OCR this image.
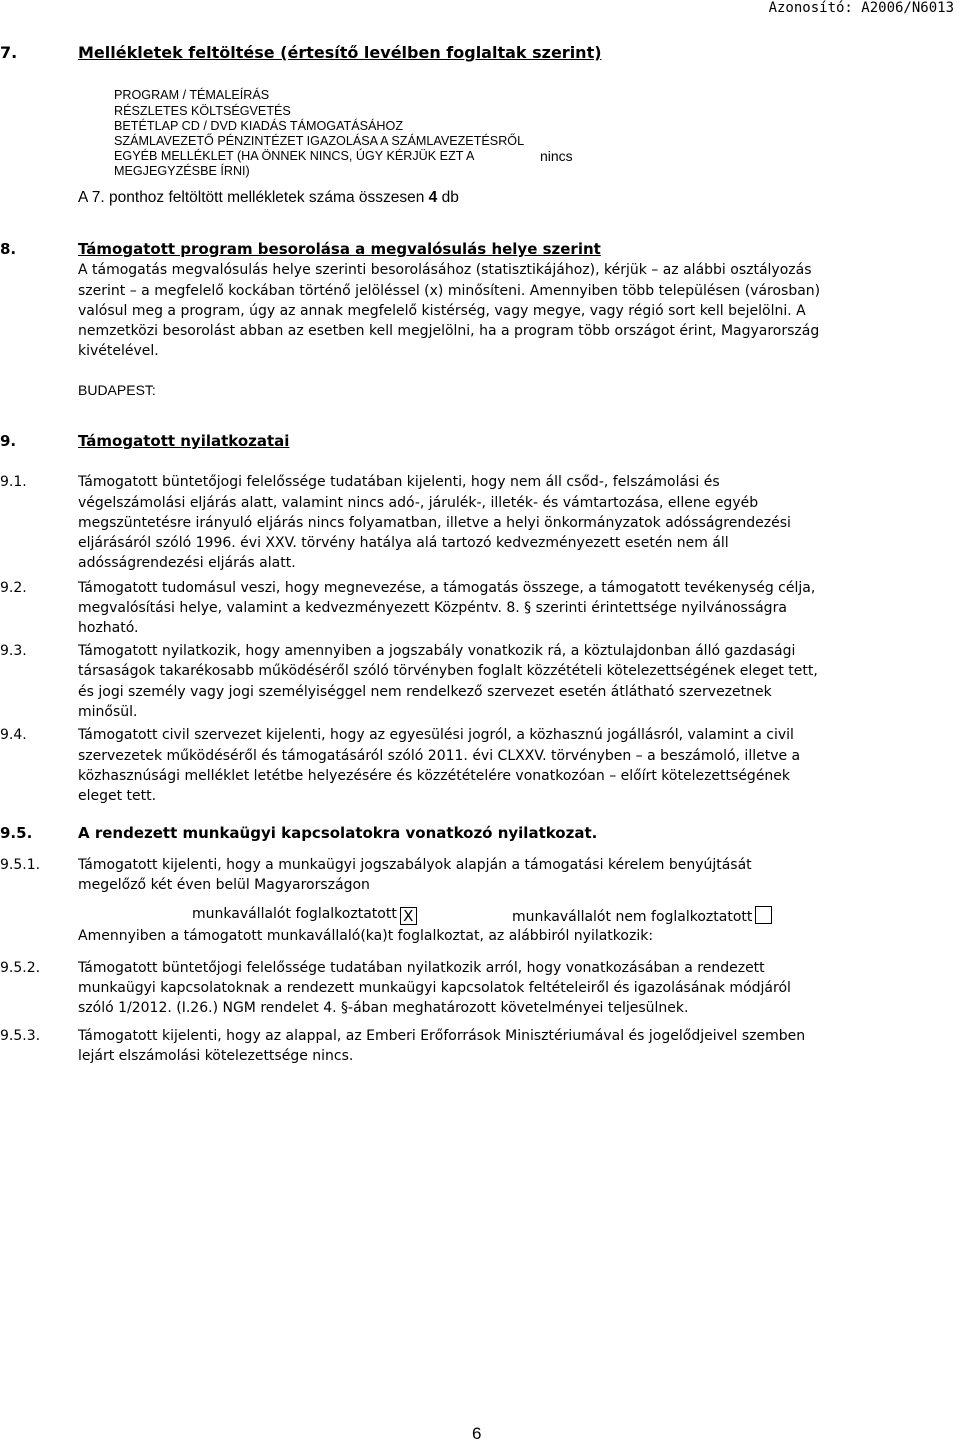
Azonosító: A2006/N6013
7.	Mellékletek feltöltése (értesítő levélben foglaltak szerint)
PROGRAM / TÉMALEÍRÁS
RÉSZLETES KÖLTSÉGVETÉS
BETÉTLAP CD / DVD KIADÁS TÁMOGATÁSÁHOZ
SZÁMLAVEZETŐ PÉNZINTÉZET IGAZOLÁSA A SZÁMLAVEZETÉSRŐL
EGYÉB MELLÉKLET (HA ÖNNEK NINCS, ÚGY KÉRJÜK EZT A
MEGJEGYZÉSBE ÍRNI)
nincs
A 7. ponthoz feltöltött mellékletek száma összesen 4 db
8.	Támogatott program besorolása a megvalósulás helye szerint
A támogatás megvalósulás helye szerinti besorolásához (statisztikájához), kérjük – az alábbi osztályozás
szerint – a megfelelő kockában történő jelöléssel (x) minősíteni. Amennyiben több településen (városban)
valósul meg a program, úgy az annak megfelelő kistérség, vagy megye, vagy régió sort kell bejelölni. A
nemzetközi besorolást abban az esetben kell megjelölni, ha a program több országot érint, Magyarország
kivételével.
BUDAPEST:
9.	Támogatott nyilatkozatai
9.1.	Támogatott büntetőjogi felelőssége tudatában kijelenti, hogy nem áll csőd-, felszámolási és
végelszámolási eljárás alatt, valamint nincs adó-, járulék-, illeték- és vámtartozása, ellene egyéb
megszüntetésre irányuló eljárás nincs folyamatban, illetve a helyi önkormányzatok adósságrendezési
eljárásáról szóló 1996. évi XXV. törvény hatálya alá tartozó kedvezményezett esetén nem áll
adósságrendezési eljárás alatt.
9.2.	Támogatott tudomásul veszi, hogy megnevezése, a támogatás összege, a támogatott tevékenység célja,
megvalósítási helye, valamint a kedvezményezett Közpéntv. 8. § szerinti érintettsége nyilvánosságra
hozható.
9.3.	Támogatott nyilatkozik, hogy amennyiben a jogszabály vonatkozik rá, a köztulajdonban álló gazdasági
társaságok takarékosabb működéséről szóló törvényben foglalt közzétételi kötelezettségének eleget tett,
és jogi személy vagy jogi személyiséggel nem rendelkező szervezet esetén átlátható szervezetnek
minősül.
9.4.	Támogatott civil szervezet kijelenti, hogy az egyesülési jogról, a közhasznú jogállásról, valamint a civil
szervezetek működéséről és támogatásáról szóló 2011. évi CLXXV. törvényben – a beszámoló, illetve a
közhasznúsági melléklet letétbe helyezésére és közzétételére vonatkozóan – előírt kötelezettségének
eleget tett.
9.5.	A rendezett munkaügyi kapcsolatokra vonatkozó nyilatkozat.
9.5.1.	Támogatott kijelenti, hogy a munkaügyi jogszabályok alapján a támogatási kérelem benyújtását
megelőző két éven belül Magyarországon
munkavállalót foglalkoztatott X	munkavállalót nem foglalkoztatott
Amennyiben a támogatott munkavállaló(ka)t foglalkoztat, az alábbiról nyilatkozik:
9.5.2.	Támogatott büntetőjogi felelőssége tudatában nyilatkozik arról, hogy vonatkozásában a rendezett
munkaügyi kapcsolatoknak a rendezett munkaügyi kapcsolatok feltételeiről és igazolásának módjáról
szóló 1/2012. (I.26.) NGM rendelet 4. §-ában meghatározott követelményei teljesülnek.
9.5.3.	Támogatott kijelenti, hogy az alappal, az Emberi Erőforrások Minisztériumával és jogelődjeivel szemben
lejárt elszámolási kötelezettsége nincs.
6
